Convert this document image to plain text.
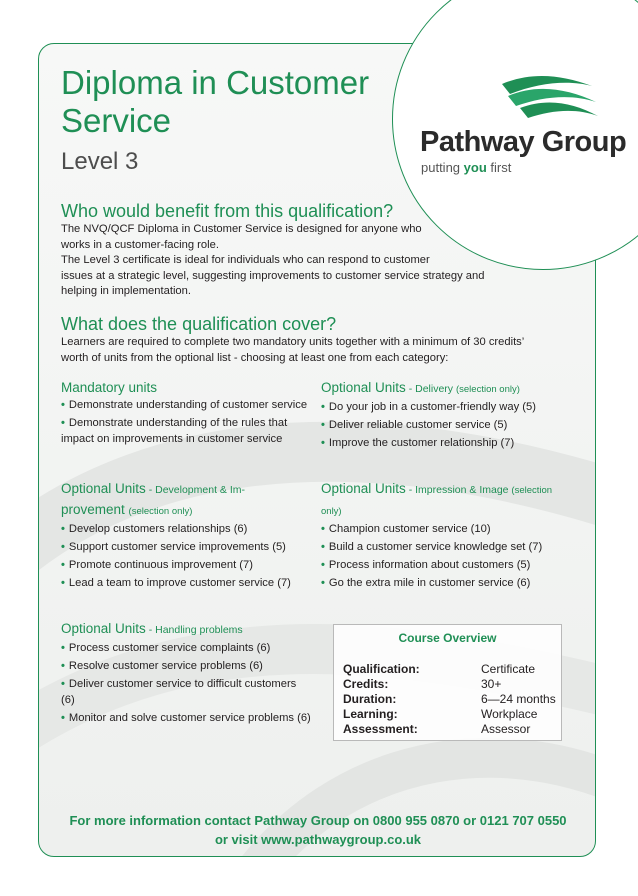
Diploma in Customer
Service
Level 3
Pathway Group
putting you first
Who would benefit from this qualification?

The NVQ/QCF Diploma in Customer Service is designed for anyone who

works in a customer-facing role.

The Level 3 certificate is ideal for individuals who can respond to customer

issues at a strategic level, suggesting improvements to customer service strategy and

helping in implementation.

What does the qualification cover?

Learners are required to complete two mandatory units together with a minimum of 30 credits’

worth of units from the optional list - choosing at least one from each category:

Mandatory units
• Demonstrate understanding of customer service
• Demonstrate understanding of the rules that impact on improvements in customer service
Optional Units - Delivery (selection only)
• Do your job in a customer-friendly way (5)
• Deliver reliable customer service (5)
• Improve the customer relationship (7)
Optional Units - Development & Im-
provement (selection only)
• Develop customers relationships (6)
• Support customer service improvements (5)
• Promote continuous improvement (7)
• Lead a team to improve customer service (7)
Optional Units - Impression & Image (selection
only)
• Champion customer service (10)
• Build a customer service knowledge set (7)
• Process information about customers (5)
• Go the extra mile in customer service (6)
Optional Units - Handling problems
• Process customer service complaints (6)
• Resolve customer service problems (6)
• Deliver customer service to difficult customers (6)
• Monitor and solve customer service problems (6)
Course Overview
Qualification:	Certificate
Credits:	30+
Duration:	6—24 months
Learning:	Workplace
Assessment:	Assessor
For more information contact Pathway Group on 0800 955 0870 or 0121 707 0550
or visit www.pathwaygroup.co.uk
